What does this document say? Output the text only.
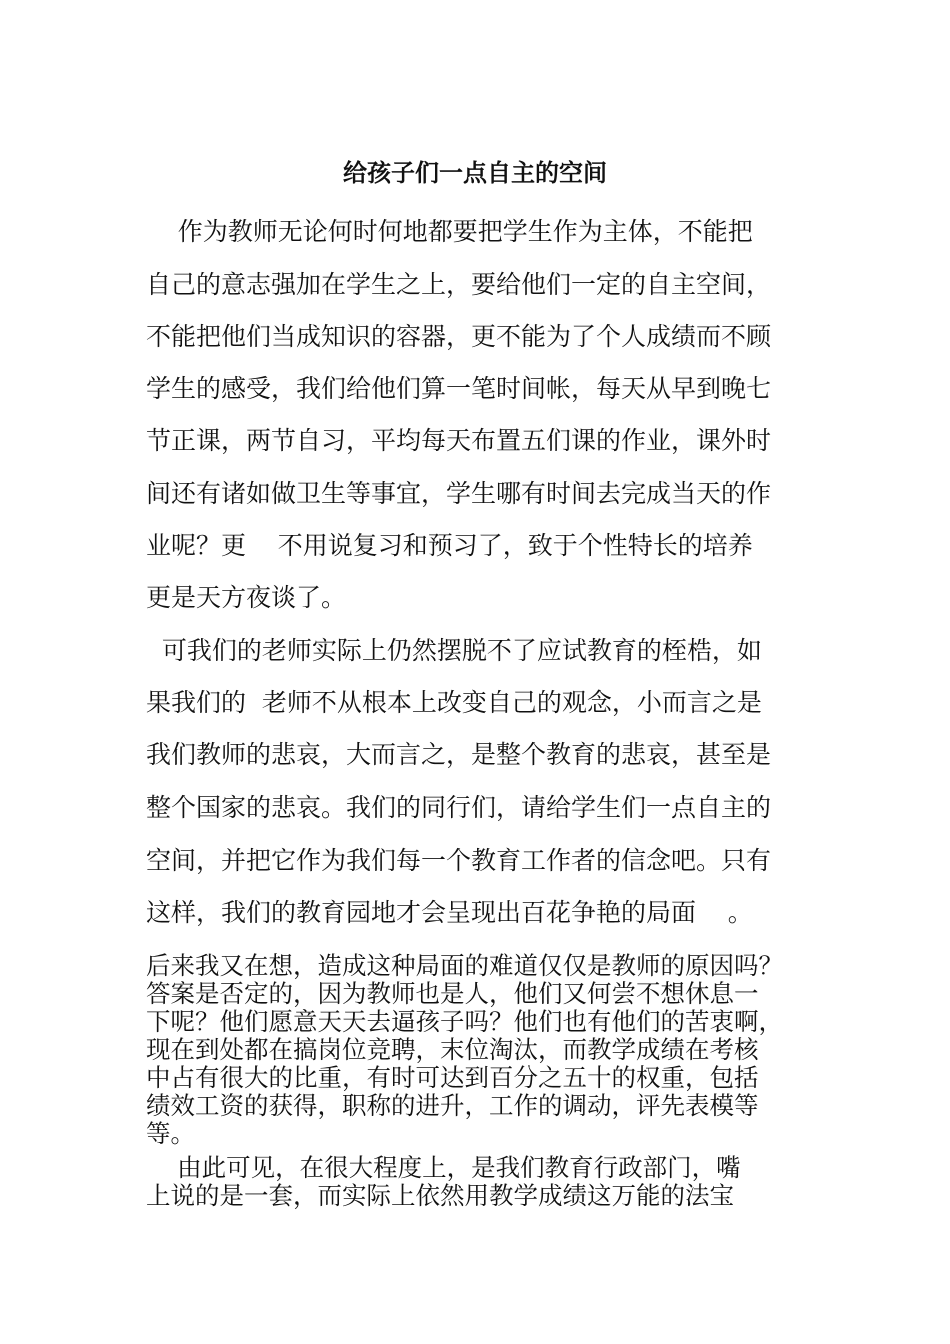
给孩子们一点自主的空间

作为教师无论何时何地都要把学生作为主体，不能把

自己的意志强加在学生之上，要给他们一定的自主空间，

不能把他们当成知识的容器，更不能为了个人成绩而不顾

学生的感受，我们给他们算一笔时间帐，每天从早到晚七

节正课，两节自习，平均每天布置五们课的作业，课外时

间还有诸如做卫生等事宜，学生哪有时间去完成当天的作

业呢？更    不用说复习和预习了，致于个性特长的培养

更是天方夜谈了。

可我们的老师实际上仍然摆脱不了应试教育的桎梏，如

果我们的  老师不从根本上改变自己的观念，小而言之是

我们教师的悲哀，大而言之，是整个教育的悲哀，甚至是

整个国家的悲哀。我们的同行们，请给学生们一点自主的

空间，并把它作为我们每一个教育工作者的信念吧。只有

这样，我们的教育园地才会呈现出百花争艳的局面    。

后来我又在想，造成这种局面的难道仅仅是教师的原因吗？

答案是否定的，因为教师也是人，他们又何尝不想休息一

下呢？他们愿意天天去逼孩子吗？他们也有他们的苦衷啊，

现在到处都在搞岗位竞聘，末位淘汰，而教学成绩在考核

中占有很大的比重，有时可达到百分之五十的权重，包括

绩效工资的获得，职称的进升，工作的调动，评先表模等

等。

由此可见，在很大程度上，是我们教育行政部门，嘴

上说的是一套，而实际上依然用教学成绩这万能的法宝
